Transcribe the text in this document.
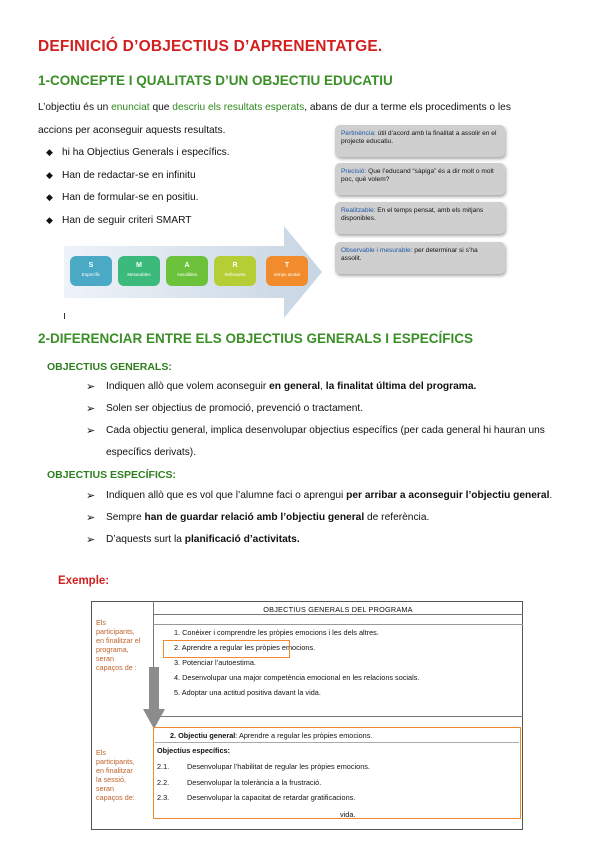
DEFINICIÓ D’OBJECTIUS D’APRENENTATGE.
1-CONCEPTE I QUALITATS D’UN OBJECTIU EDUCATIU
L’objectiu és un enunciat que descriu els resultats esperats, abans de dur a terme els procediments o les
accions per aconseguir aquests resultats.
◆ hi ha Objectius Generals i específics.
◆ Han de redactar-se en infinitu
◆ Han de formular-se en positiu.
◆ Han de seguir criteri SMART
Pertinència: útil d’acord amb la finalitat a assolir en el projecte educatiu.
Precisió: Que l’educand “sàpiga” és a dir molt o molt poc, què volem?
Realitzable: En el temps pensat, amb els mitjans disponibles.
Observable i mesurable: per determinar si s’ha assolit.
S
Específic
M
Mesurables
A
Assolibles
R
Rellevants
T
temps acotat
2-DIFERENCIAR ENTRE ELS OBJECTIUS GENERALS I ESPECÍFICS
OBJECTIUS GENERALS:
➢ Indiquen allò que volem aconseguir en general, la finalitat última del programa.
➢ Solen ser objectius de promoció, prevenció o tractament.
➢ Cada objectiu general, implica desenvolupar objectius específics (per cada general hi hauran uns
específics derivats).
OBJECTIUS ESPECÍFICS:
➢ Indiquen allò que es vol que l’alumne faci o aprengui per arribar a aconseguir l’objectiu general.
➢ Sempre han de guardar relació amb l’objectiu general de referència.
➢ D’aquests surt la planificació d’activitats.
Exemple:
OBJECTIUS GENERALS DEL PROGRAMA
Els
participants,
en finalitzar el
programa,
seran
capaços de :
1. Conèixer i comprendre les pròpies emocions i les dels altres.
2. Aprendre a regular les pròpies emocions.
3. Potenciar l’autoestima.
4. Desenvolupar una major competència emocional en les relacions socials.
5. Adoptar una actitud positiva davant la vida.
Els
participants,
en finalitzar
la sessió,
seran
capaços de:
2. Objectiu general: Aprendre a regular les pròpies emocions.
Objectius específics:
2.1. Desenvolupar l’habilitat de regular les pròpies emocions.
2.2. Desenvolupar la tolerància a la frustració.
2.3. Desenvolupar la capacitat de retardar gratificacions.
vida.
